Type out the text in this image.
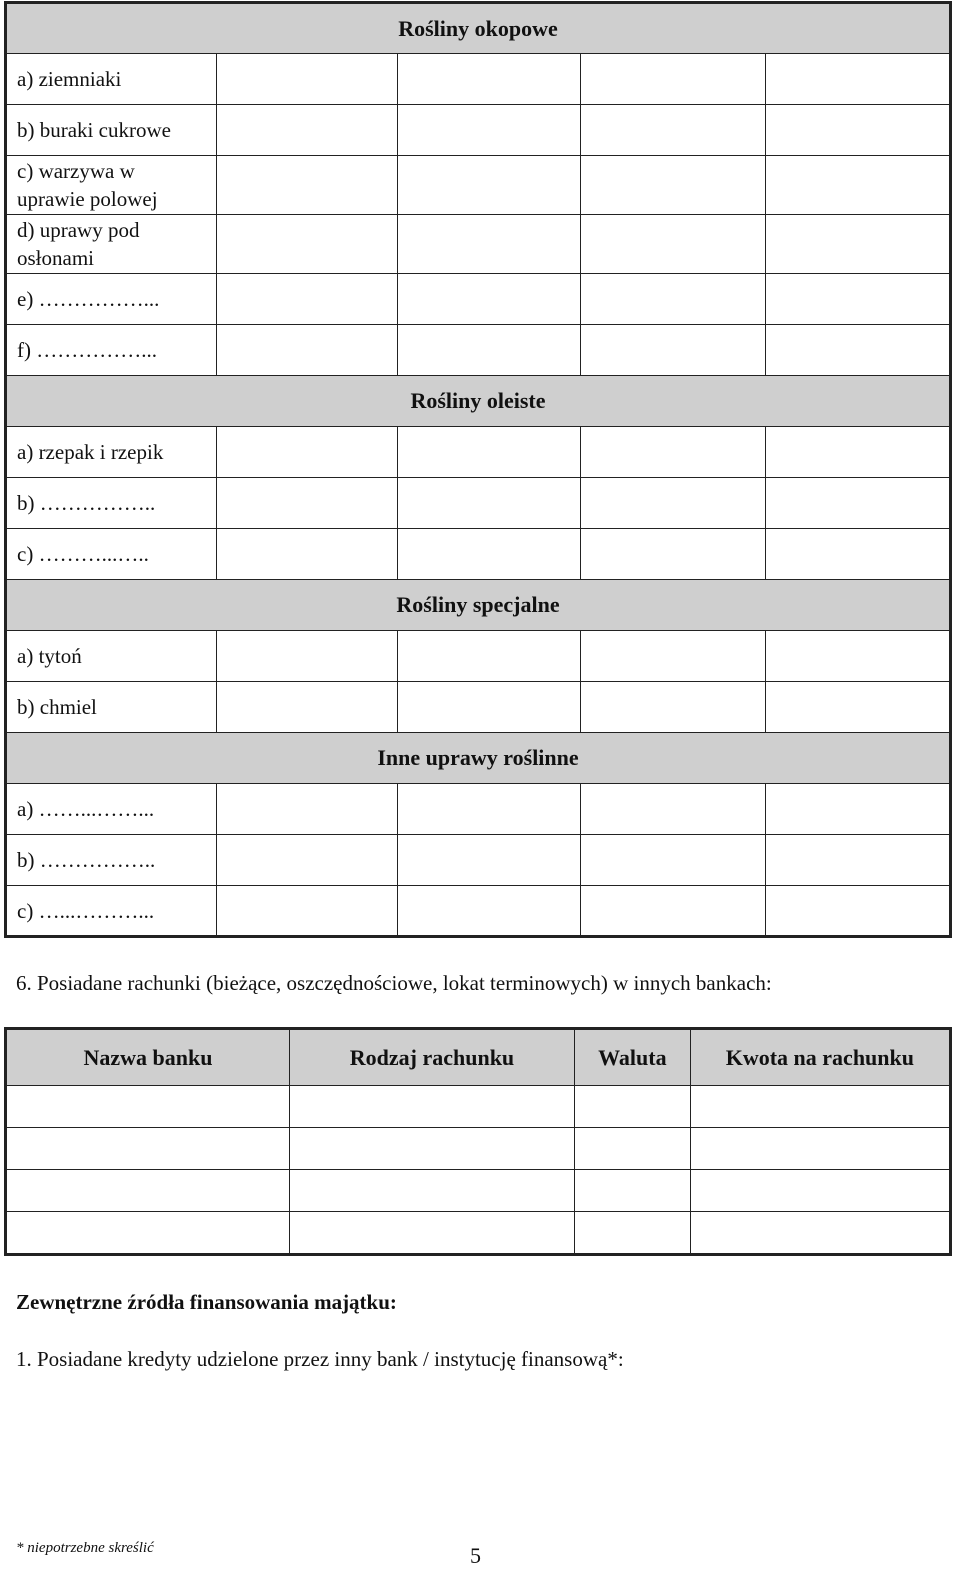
Rośliny okopowe				
a) ziemniaki				
b) buraki cukrowe				
c) warzywa w uprawie polowej				
d) uprawy pod osłonami				
e) ……………...				
f) ……………...				
Rośliny oleiste				
a) rzepak i rzepik				
b) ……………..				
c) ………...…..				
Rośliny specjalne				
a) tytoń				
b) chmiel				
Inne uprawy roślinne				
a) ……...……...				
b) ……………..				
c) …...………...				
6. Posiadane rachunki (bieżące, oszczędnościowe, lokat terminowych) w innych bankach:
Nazwa banku	Rodzaj rachunku	Waluta	Kwota na rachunku

Zewnętrzne źródła finansowania majątku:
1. Posiadane kredyty udzielone przez inny bank / instytucję finansową*:
* niepotrzebne skreślić	5
